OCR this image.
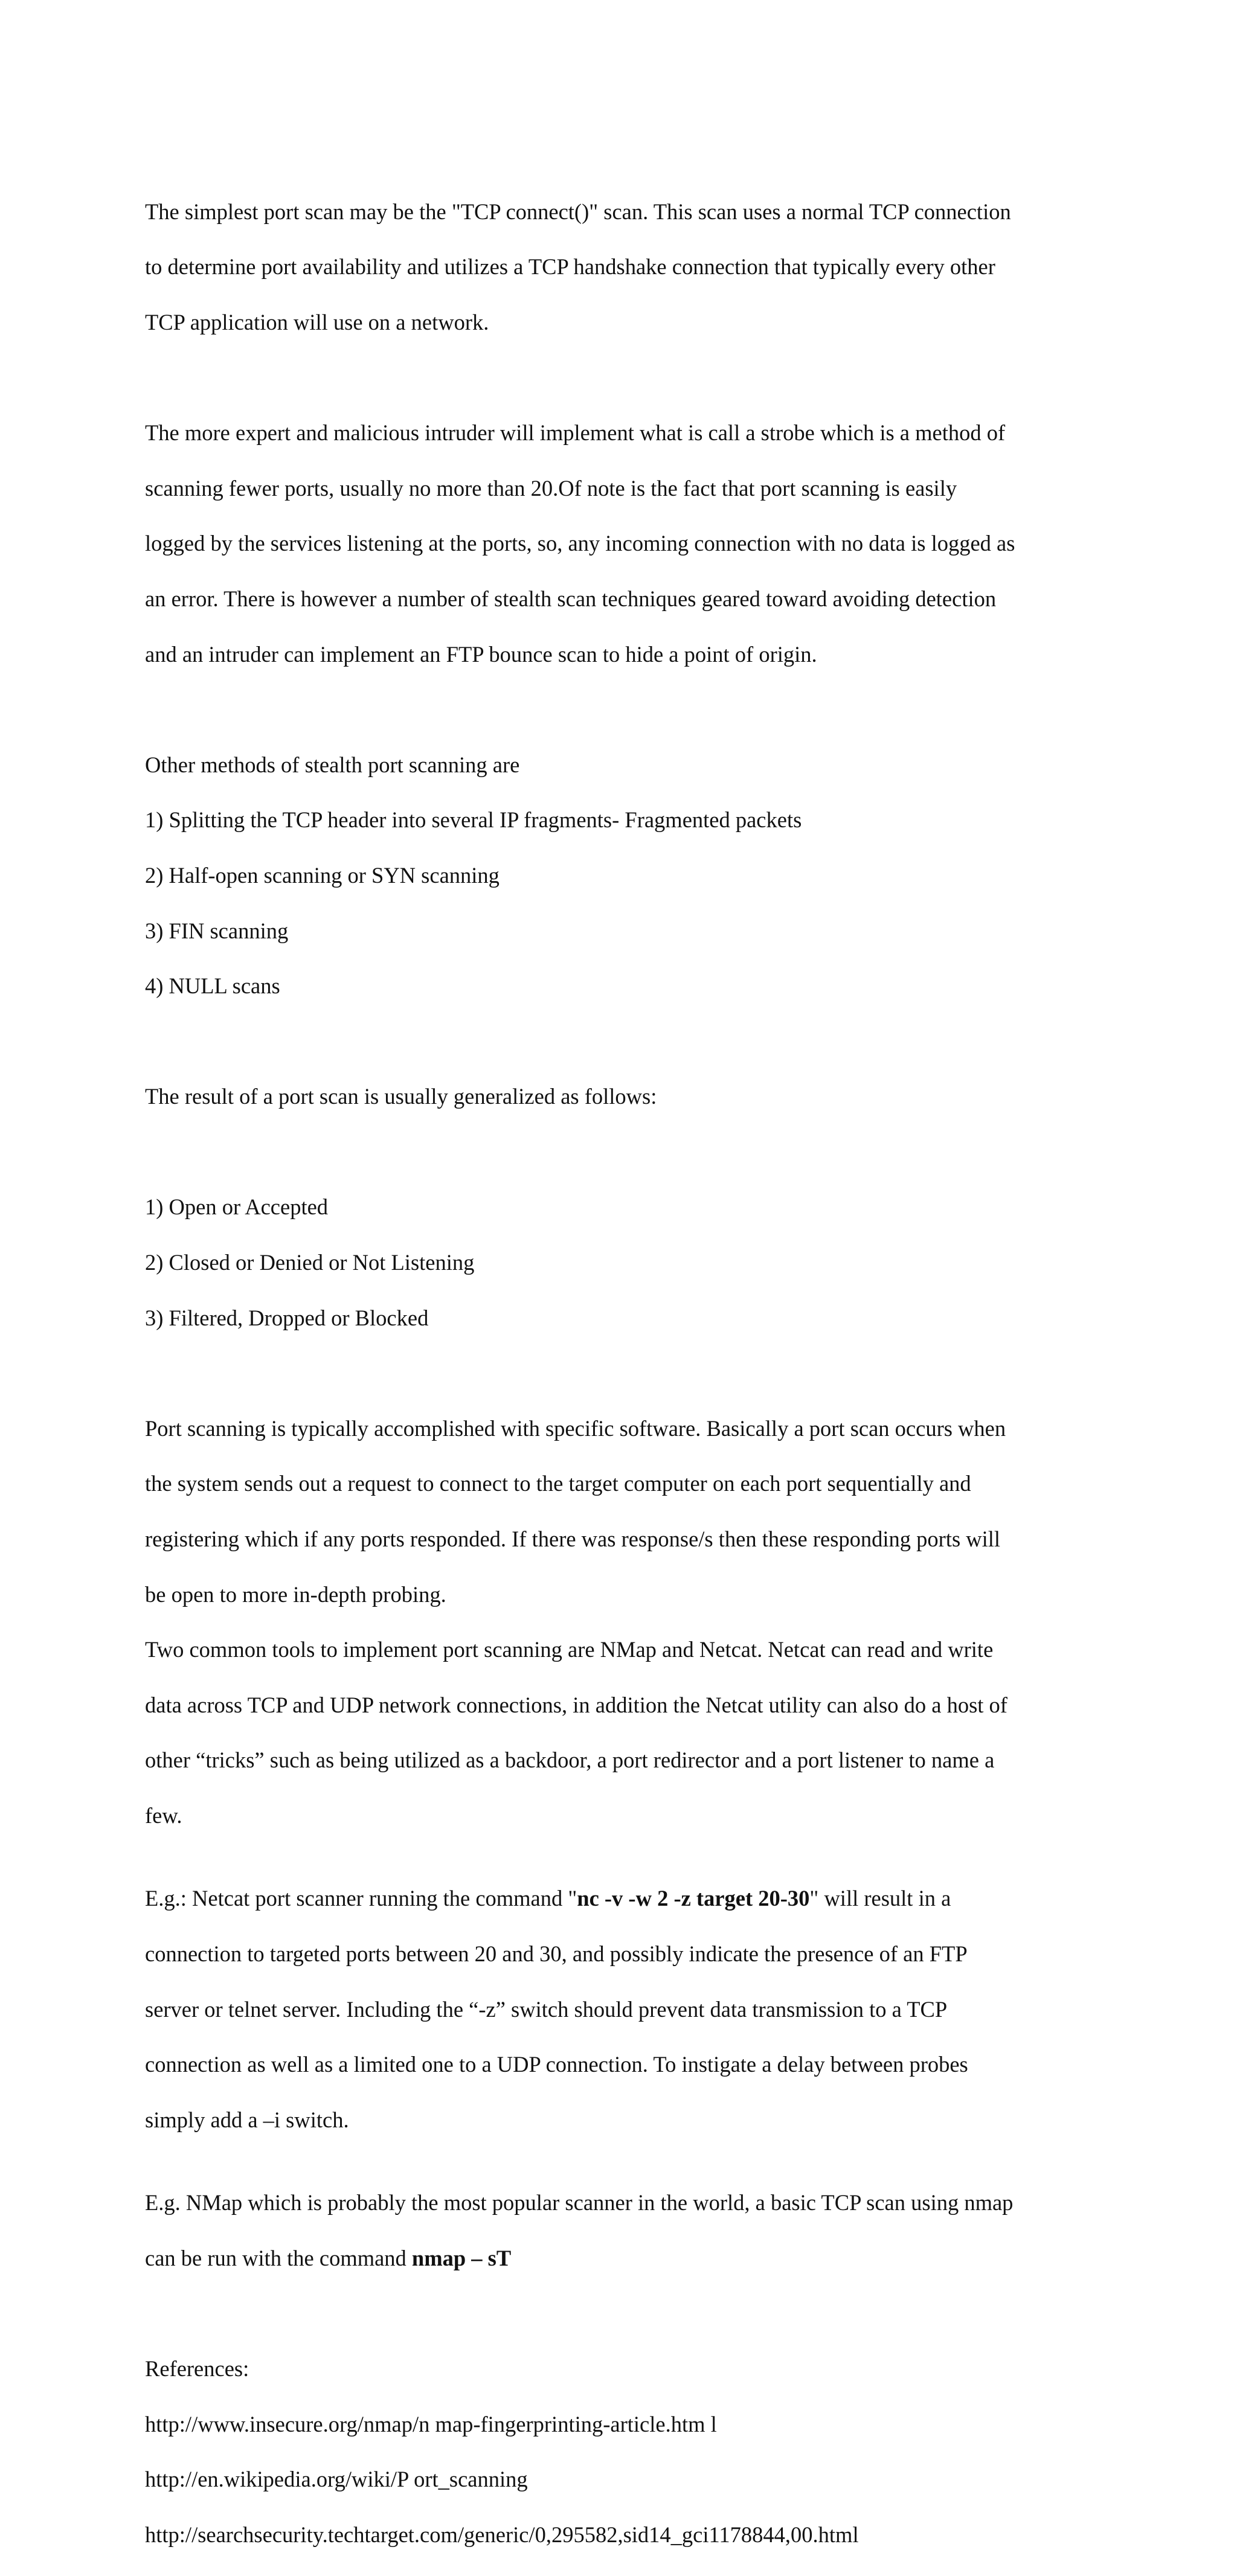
The simplest port scan may be the "TCP connect()" scan. This scan uses a normal TCP connection

to determine port availability and utilizes a TCP handshake connection that typically every other

TCP application will use on a network.

The more expert and malicious intruder will implement what is call a strobe which is a method of

scanning fewer ports, usually no more than 20.Of note is the fact that port scanning is easily

logged by the services listening at the ports, so, any incoming connection with no data is logged as

an error. There is however a number of stealth scan techniques geared toward avoiding detection

and an intruder can implement an FTP bounce scan to hide a point of origin.

Other methods of stealth port scanning are

1) Splitting the TCP header into several IP fragments- Fragmented packets

2) Half-open scanning or SYN scanning

3) FIN scanning

4) NULL scans

The result of a port scan is usually generalized as follows:

1) Open or Accepted

2) Closed or Denied or Not Listening

3) Filtered, Dropped or Blocked

Port scanning is typically accomplished with specific software. Basically a port scan occurs when

the system sends out a request to connect to the target computer on each port sequentially and

registering which if any ports responded. If there was response/s then these responding ports will

be open to more in-depth probing.

Two common tools to implement port scanning are NMap and Netcat. Netcat can read and write

data across TCP and UDP network connections, in addition the Netcat utility can also do a host of

other “tricks” such as being utilized as a backdoor, a port redirector and a port listener to name a

few.

E.g.: Netcat port scanner running the command "nc -v -w 2 -z target 20-30" will result in a

connection to targeted ports between 20 and 30, and possibly indicate the presence of an FTP

server or telnet server. Including the “-z” switch should prevent data transmission to a TCP

connection as well as a limited one to a UDP connection. To instigate a delay between probes

simply add a –i switch.

E.g. NMap which is probably the most popular scanner in the world, a basic TCP scan using nmap

can be run with the command nmap – sT

References:

http://www.insecure.org/nmap/n map-fingerprinting-article.htm l

http://en.wikipedia.org/wiki/P ort_scanning

http://searchsecurity.techtarget.com/generic/0,295582,sid14_gci1178844,00.html
